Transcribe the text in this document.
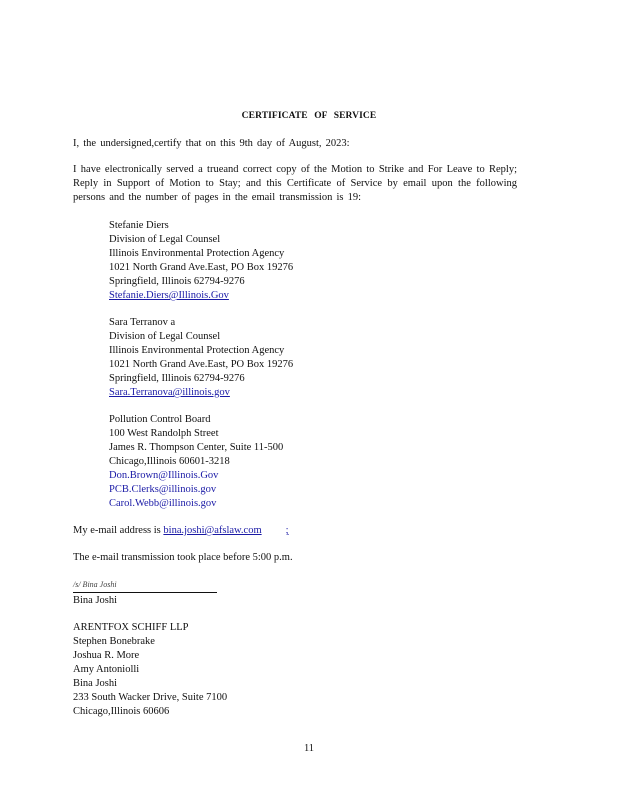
CERTIFICATE OF SERVICE
I, the undersigned,certify that on this 9th day of August, 2023:
I have electronically served a trueand correct copy of the Motion to Strike and For Leave to Reply; Reply in Support of Motion to Stay; and this Certificate of Service by email upon the following persons and the number of pages in the email transmission is 19:
Stefanie Diers
Division of Legal Counsel
Illinois Environmental Protection Agency
1021 North Grand Ave.East, PO Box 19276
Springfield, Illinois 62794-9276
Stefanie.Diers@Illinois.Gov
Sara Terranov a
Division of Legal Counsel
Illinois Environmental Protection Agency
1021 North Grand Ave.East, PO Box 19276
Springfield, Illinois 62794-9276
Sara.Terranova@illinois.gov
Pollution Control Board
100 West Randolph Street
James R. Thompson Center, Suite 11-500
Chicago,Illinois 60601-3218
Don.Brown@Illinois.Gov
PCB.Clerks@illinois.gov
Carol.Webb@illinois.gov
My e-mail address is bina.joshi@afslaw.com ;
The e-mail transmission took place before 5:00 p.m.
/s/ Bina Joshi
Bina Joshi
ARENTFOX SCHIFF LLP
Stephen Bonebrake
Joshua R. More
Amy Antoniolli
Bina Joshi
233 South Wacker Drive, Suite 7100
Chicago,Illinois 60606
11
